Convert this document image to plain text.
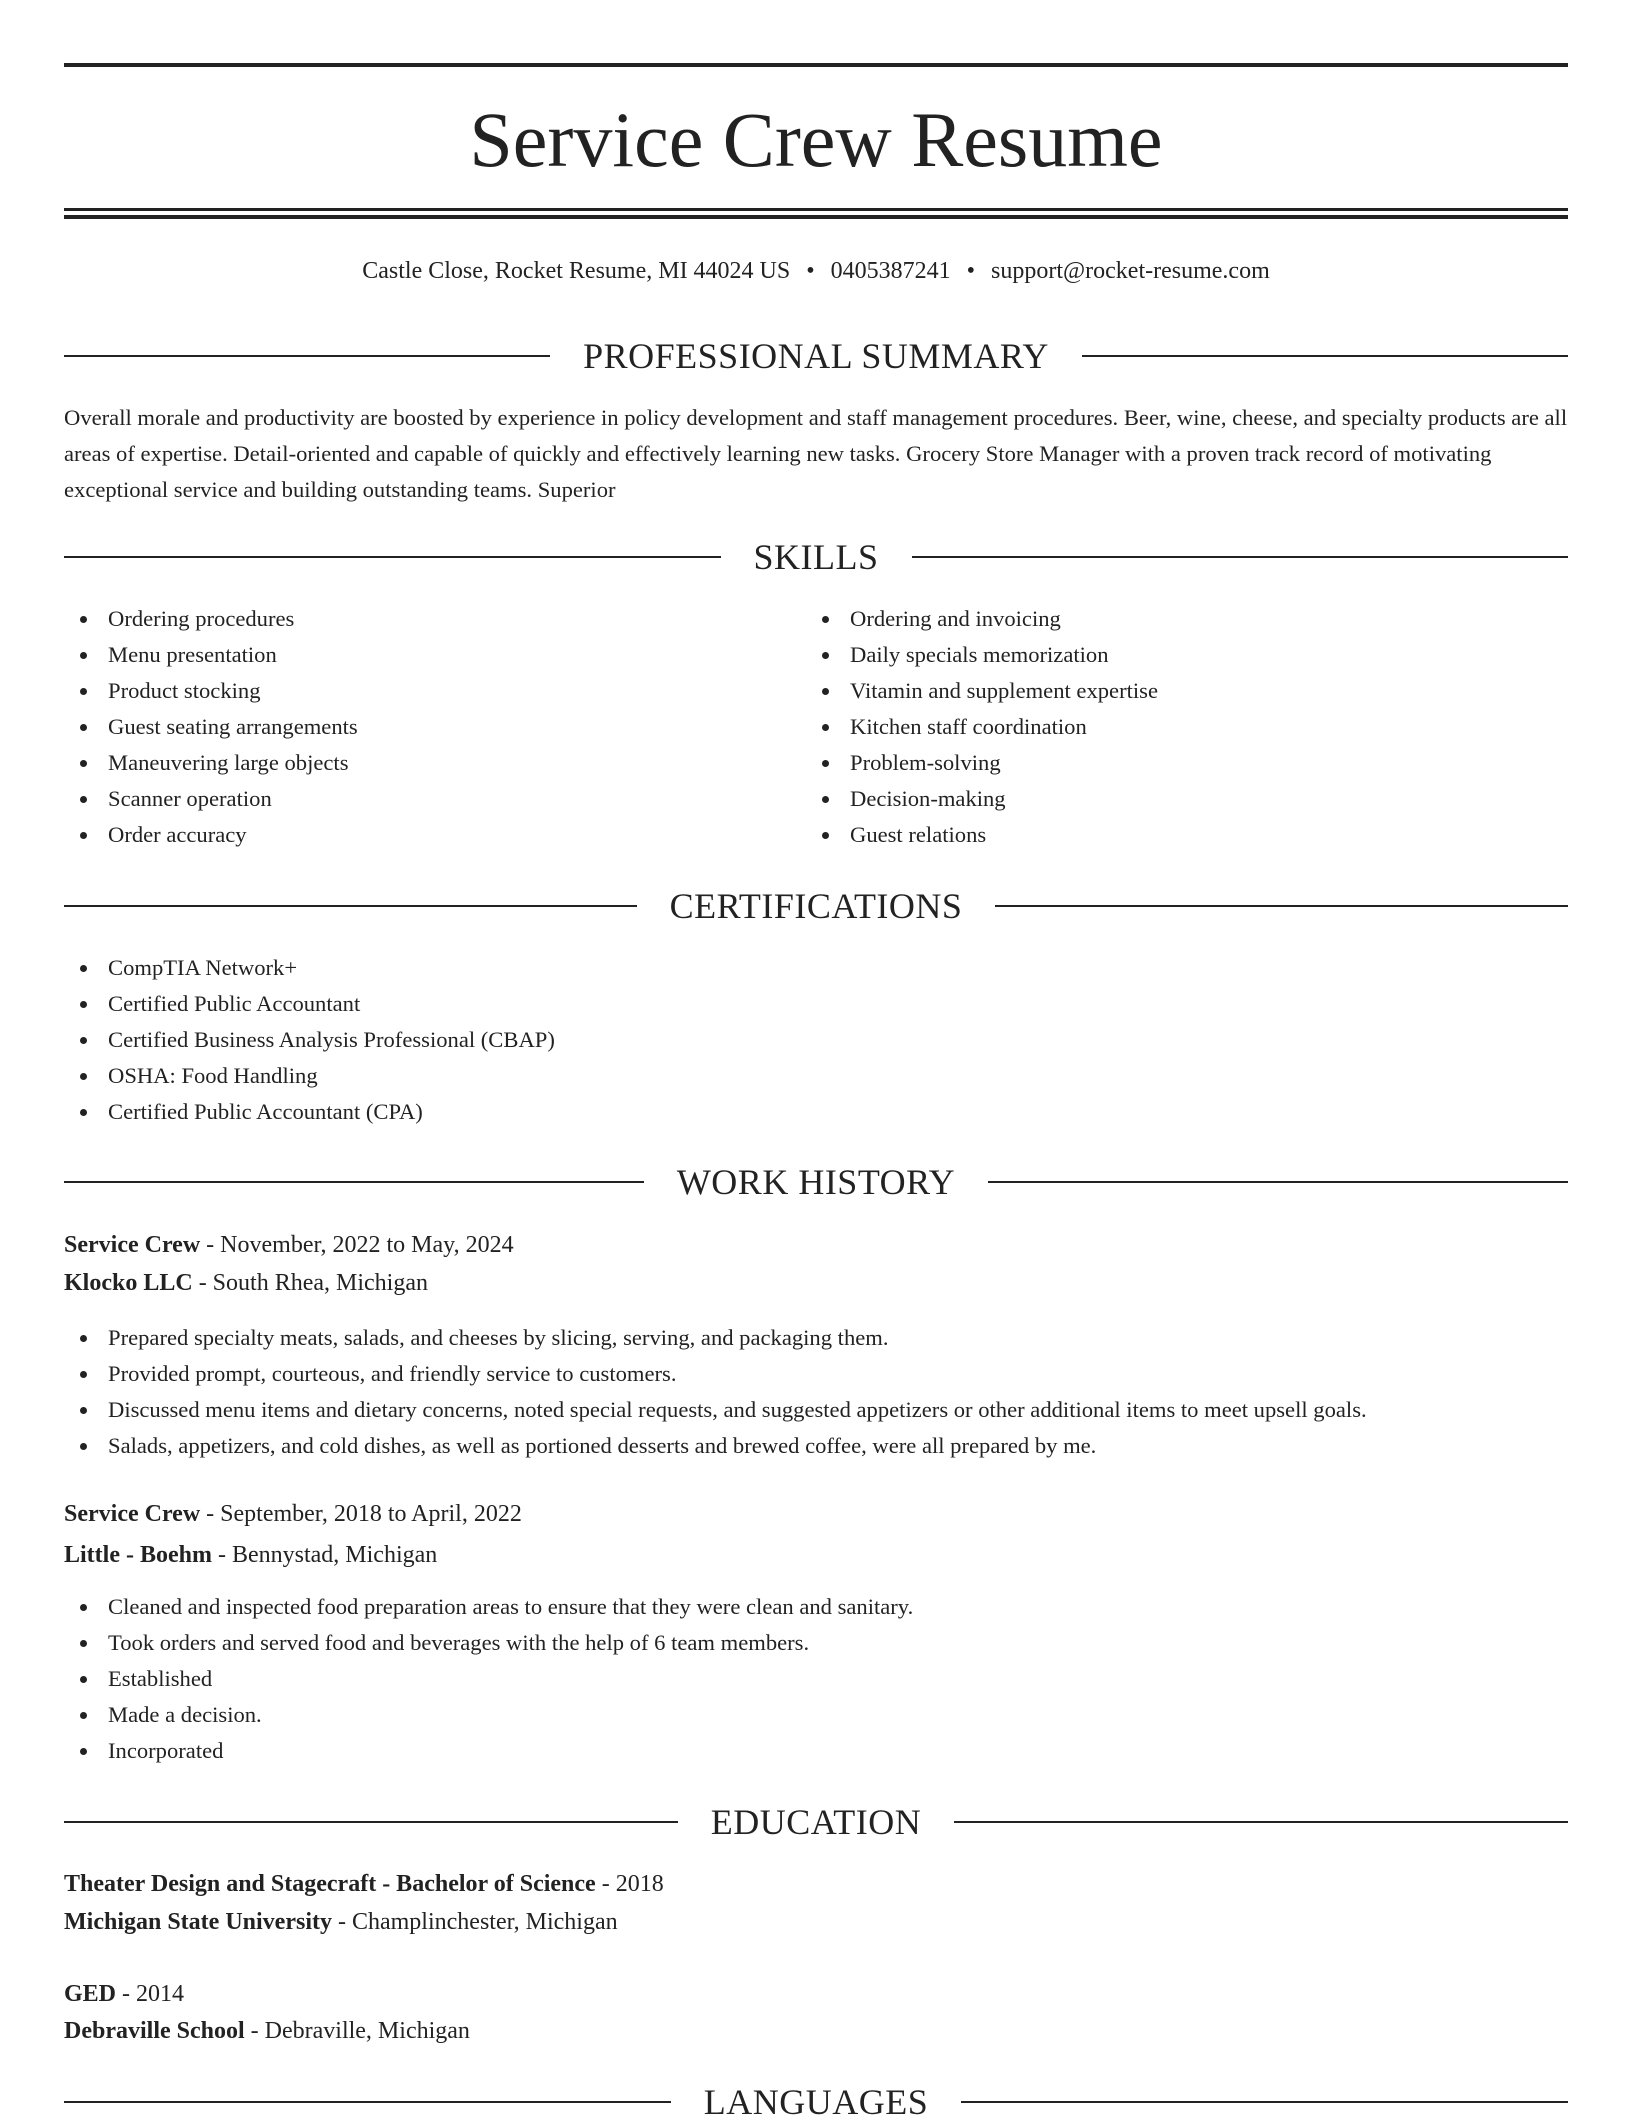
Service Crew Resume
Castle Close, Rocket Resume, MI 44024 US • 0405387241 • support@rocket-resume.com
PROFESSIONAL SUMMARY

Overall morale and productivity are boosted by experience in policy development and staff management procedures. Beer, wine, cheese, and specialty products are all areas of expertise. Detail-oriented and capable of quickly and effectively learning new tasks. Grocery Store Manager with a proven track record of motivating exceptional service and building outstanding teams. Superior

SKILLS
Ordering procedures
Menu presentation
Product stocking
Guest seating arrangements
Maneuvering large objects
Scanner operation
Order accuracy
Ordering and invoicing
Daily specials memorization
Vitamin and supplement expertise
Kitchen staff coordination
Problem-solving
Decision-making
Guest relations
CERTIFICATIONS
CompTIA Network+
Certified Public Accountant
Certified Business Analysis Professional (CBAP)
OSHA: Food Handling
Certified Public Accountant (CPA)
WORK HISTORY
Service Crew - November, 2022 to May, 2024
Klocko LLC - South Rhea, Michigan
Prepared specialty meats, salads, and cheeses by slicing, serving, and packaging them.
Provided prompt, courteous, and friendly service to customers.
Discussed menu items and dietary concerns, noted special requests, and suggested appetizers or other additional items to meet upsell goals.
Salads, appetizers, and cold dishes, as well as portioned desserts and brewed coffee, were all prepared by me.
Service Crew - September, 2018 to April, 2022
Little - Boehm - Bennystad, Michigan
Cleaned and inspected food preparation areas to ensure that they were clean and sanitary.
Took orders and served food and beverages with the help of 6 team members.
Established
Made a decision.
Incorporated
EDUCATION
Theater Design and Stagecraft - Bachelor of Science - 2018
Michigan State University - Champlinchester, Michigan
GED - 2014
Debraville School - Debraville, Michigan
LANGUAGES
